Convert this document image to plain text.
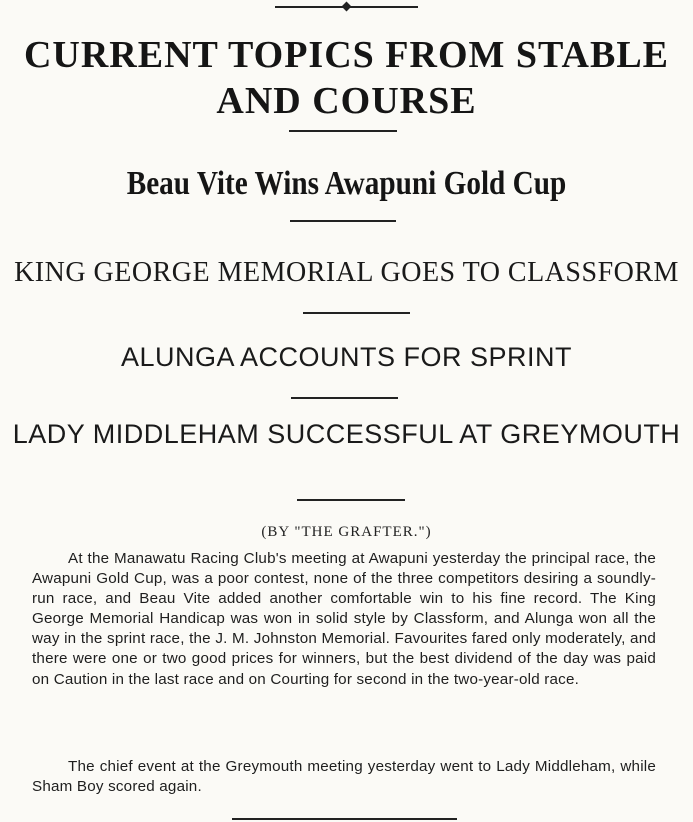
CURRENT TOPICS FROM STABLE AND COURSE
Beau Vite Wins Awapuni Gold Cup
KING GEORGE MEMORIAL GOES TO CLASSFORM
ALUNGA ACCOUNTS FOR SPRINT
LADY MIDDLEHAM SUCCESSFUL AT GREYMOUTH
(BY "THE GRAFTER.")

At the Manawatu Racing Club's meeting at Awapuni yesterday the principal race, the Awapuni Gold Cup, was a poor contest, none of the three competitors desiring a soundly-run race, and Beau Vite added another comfortable win to his fine record. The King George Memorial Handicap was won in solid style by Classform, and Alunga won all the way in the sprint race, the J. M. Johnston Memorial. Favourites fared only moderately, and there were one or two good prices for winners, but the best dividend of the day was paid on Caution in the last race and on Courting for second in the two-year-old race.

The chief event at the Greymouth meeting yesterday went to Lady Middleham, while Sham Boy scored again.
